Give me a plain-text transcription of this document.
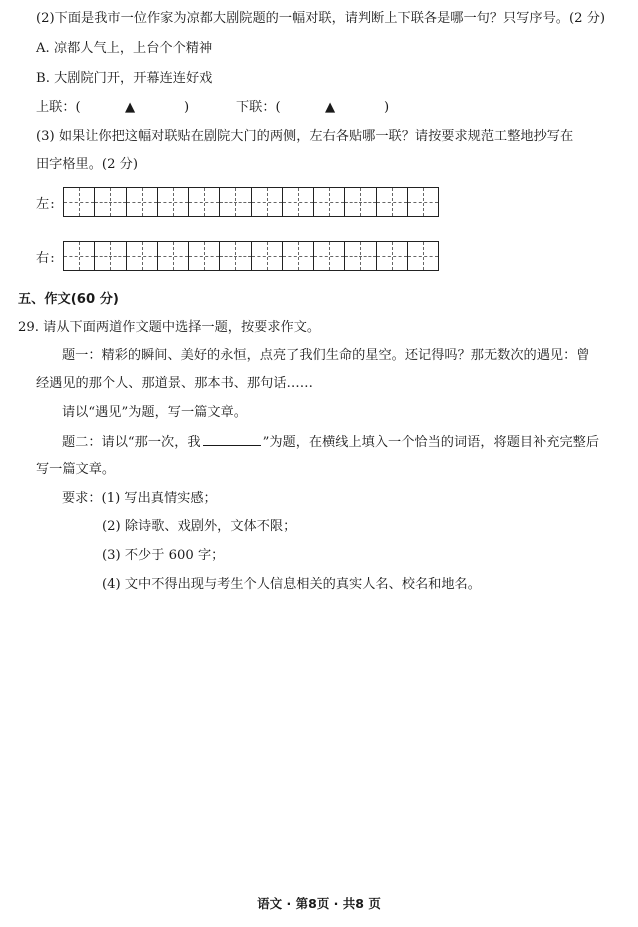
(2)下面是我市一位作家为凉都大剧院题的一幅对联，请判断上下联各是哪一句？只写序号。(2 分)
A. 凉都人气上，上台个个精神
B. 大剧院门开，开幕连连好戏
上联：(	▲	)	下联：(	▲	)
(3) 如果让你把这幅对联贴在剧院大门的两侧，左右各贴哪一联？请按要求规范工整地抄写在
田字格里。(2 分)
左:
右:
五、作文(60 分)
29. 请从下面两道作文题中选择一题，按要求作文。
题一：精彩的瞬间、美好的永恒，点亮了我们生命的星空。还记得吗？那无数次的遇见：曾
经遇见的那个人、那道景、那本书、那句话……
请以“遇见”为题，写一篇文章。
题二：请以“那一次，我	”为题，在横线上填入一个恰当的词语，将题目补充完整后
写一篇文章。
要求：(1) 写出真情实感；
(2) 除诗歌、戏剧外，文体不限；
(3) 不少于 600 字；
(4) 文中不得出现与考生个人信息相关的真实人名、校名和地名。
语文 · 第8页 · 共8 页
